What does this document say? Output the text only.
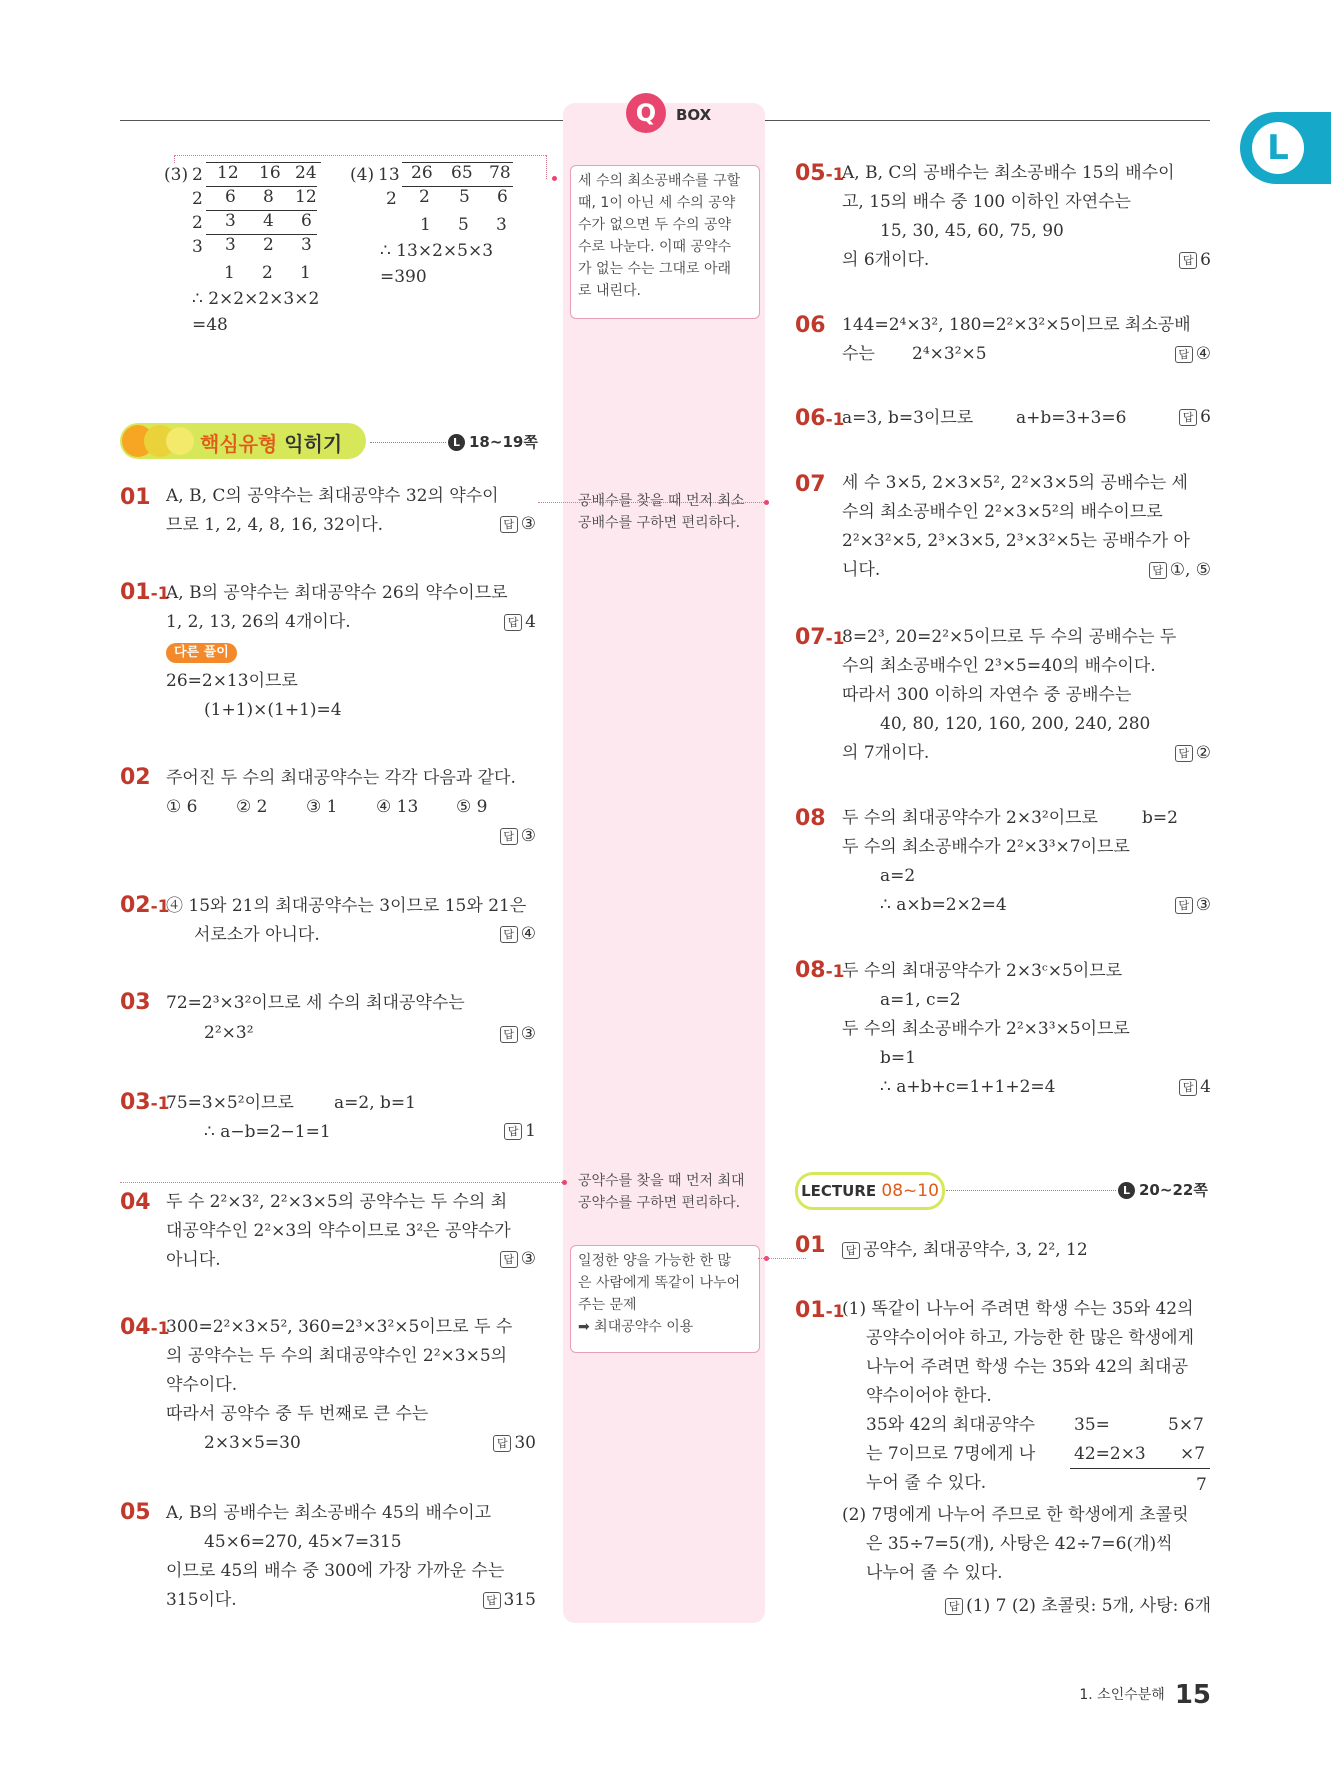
Q	BOX
L
(3) 2 12 16 24
2 6 8 12
2 3 4 6
3 3 2 3
1 2 1
∴ 2×2×2×3×2
=48
(4) 13 26 65 78
2 2 5 6
1 5 3
∴ 13×2×5×3
=390
세 수의 최소공배수를 구할
때, 1이 아닌 세 수의 공약
수가 없으면 두 수의 공약
수로 나눈다. 이때 공약수
가 없는 수는 그대로 아래
로 내린다.
핵심유형 익히기	L 18~19쪽
01 A, B, C의 공약수는 최대공약수 32의 약수이
므로 1, 2, 4, 8, 16, 32이다.	답 ③
공배수를 찾을 때 먼저 최소
공배수를 구하면 편리하다.
01-1
A, B의 공약수는 최대공약수 26의 약수이므로
1, 2, 13, 26의 4개이다.	답 4
다른 풀이
26=2×13이므로
(1+1)×(1+1)=4
02 주어진 두 수의 최대공약수는 각각 다음과 같다.
① 6 ② 2 ③ 1 ④ 13 ⑤ 9
답 ③
02-1
④ 15와 21의 최대공약수는 3이므로 15와 21은
서로소가 아니다.	답 ④
03 72=2³×3²이므로 세 수의 최대공약수는
2²×3²	답 ③
03-1
75=3×5²이므로 a=2, b=1
∴ a−b=2−1=1	답 1
공약수를 찾을 때 먼저 최대
공약수를 구하면 편리하다.
04 두 수 2²×3², 2²×3×5의 공약수는 두 수의 최
대공약수인 2²×3의 약수이므로 3²은 공약수가
아니다.	답 ③	일정한 양을 가능한 한 많
은 사람에게 똑같이 나누어
주는 문제
➡ 최대공약수 이용
04-1
300=2²×3×5², 360=2³×3²×5이므로 두 수
의 공약수는 두 수의 최대공약수인 2²×3×5의
약수이다.
따라서 공약수 중 두 번째로 큰 수는
2×3×5=30	답 30
05 A, B의 공배수는 최소공배수 45의 배수이고
45×6=270, 45×7=315
이므로 45의 배수 중 300에 가장 가까운 수는
315이다.	답 315
05-1
A, B, C의 공배수는 최소공배수 15의 배수이
고, 15의 배수 중 100 이하인 자연수는
15, 30, 45, 60, 75, 90
의 6개이다.	답 6
06 144=2⁴×3², 180=2²×3²×5이므로 최소공배
수는 2⁴×3²×5	답 ④
06-1
a=3, b=3이므로	a+b=3+3=6	답 6
07 세 수 3×5, 2×3×5², 2²×3×5의 공배수는 세
수의 최소공배수인 2²×3×5²의 배수이므로
2²×3²×5, 2³×3×5, 2³×3²×5는 공배수가 아
니다.	답 ①, ⑤
07-1
8=2³, 20=2²×5이므로 두 수의 공배수는 두
수의 최소공배수인 2³×5=40의 배수이다.
따라서 300 이하의 자연수 중 공배수는
40, 80, 120, 160, 200, 240, 280
의 7개이다.	답 ②
08 두 수의 최대공약수가 2×3²이므로	b=2
두 수의 최소공배수가 2²×3³×7이므로
a=2
∴ a×b=2×2=4	답 ③
08-1
두 수의 최대공약수가 2×3ᶜ×5이므로
a=1, c=2
두 수의 최소공배수가 2²×3³×5이므로
b=1
∴ a+b+c=1+1+2=4	답 4
LECTURE 08~10	L 20~22쪽
01	답 공약수, 최대공약수, 3, 2², 12
01-1
(1) 똑같이 나누어 주려면 학생 수는 35와 42의
공약수이어야 하고, 가능한 한 많은 학생에게
나누어 주려면 학생 수는 35와 42의 최대공
약수이어야 한다.
35와 42의 최대공약수
는 7이므로 7명에게 나
누어 줄 수 있다.
35=	5×7
42=2×3 ×7
7
(2) 7명에게 나누어 주므로 한 학생에게 초콜릿
은 35÷7=5(개), 사탕은 42÷7=6(개)씩
나누어 줄 수 있다.
답 (1) 7 (2) 초콜릿: 5개, 사탕: 6개
1. 소인수분해 15
